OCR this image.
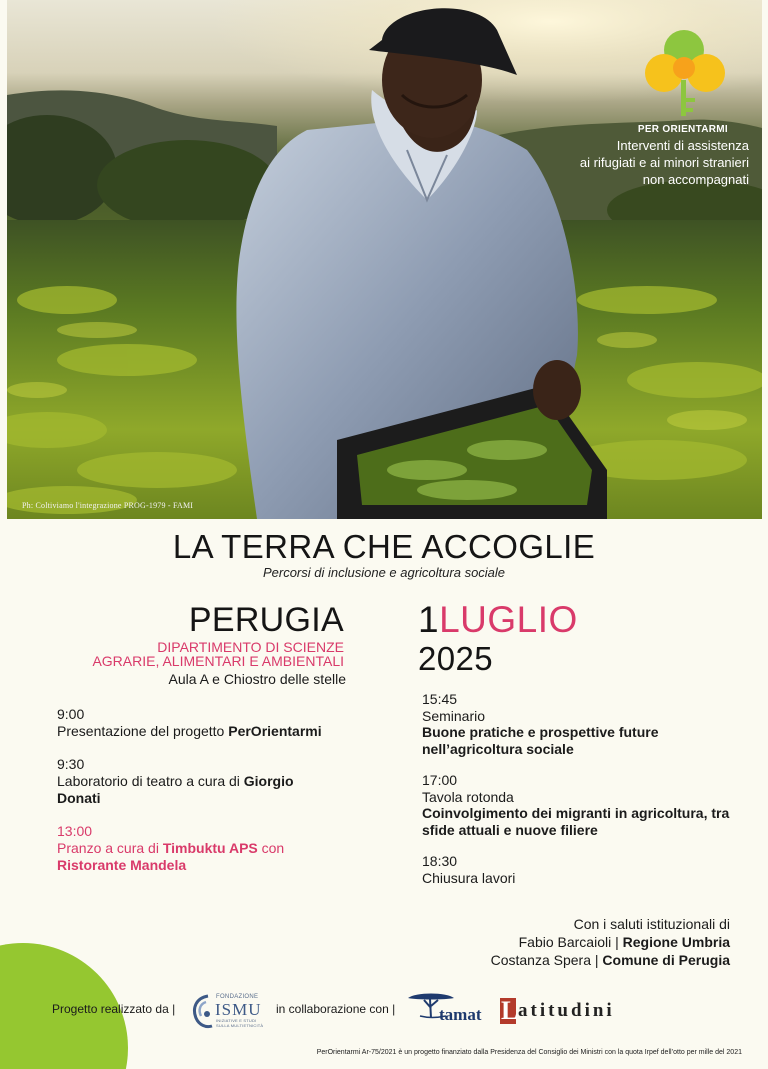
Ph: Coltiviamo l'integrazione PROG-1979 - FAMI
PER ORIENTARMI
Interventi di assistenza
ai rifugiati e ai minori stranieri
non accompagnati
LA TERRA CHE ACCOGLIE
Percorsi di inclusione e agricoltura sociale
PERUGIA
DIPARTIMENTO DI SCIENZE
AGRARIE, ALIMENTARI E AMBIENTALI
Aula A e Chiostro delle stelle
1LUGLIO
2025
9:00
Presentazione del progetto PerOrientarmi
9:30
Laboratorio di teatro a cura di Giorgio Donati
13:00
Pranzo a cura di Timbuktu APS con Ristorante Mandela
15:45
Seminario
Buone pratiche e prospettive future nell’agricoltura sociale
17:00
Tavola rotonda
Coinvolgimento dei migranti in agricoltura, tra sfide attuali e nuove filiere
18:30
Chiusura lavori
Con i saluti istituzionali di
Fabio Barcaioli | Regione Umbria
Costanza Spera | Comune di Perugia
Progetto realizzato da |
FONDAZIONE
ISMU
INIZIATIVE E STUDI
SULLA MULTIETNICITÀ
in collaborazione con |	tamat L atitudini
PerOrientarmi Ar-75/2021 è un progetto finanziato dalla Presidenza del Consiglio dei Ministri con la quota Irpef dell’otto per mille del 2021
